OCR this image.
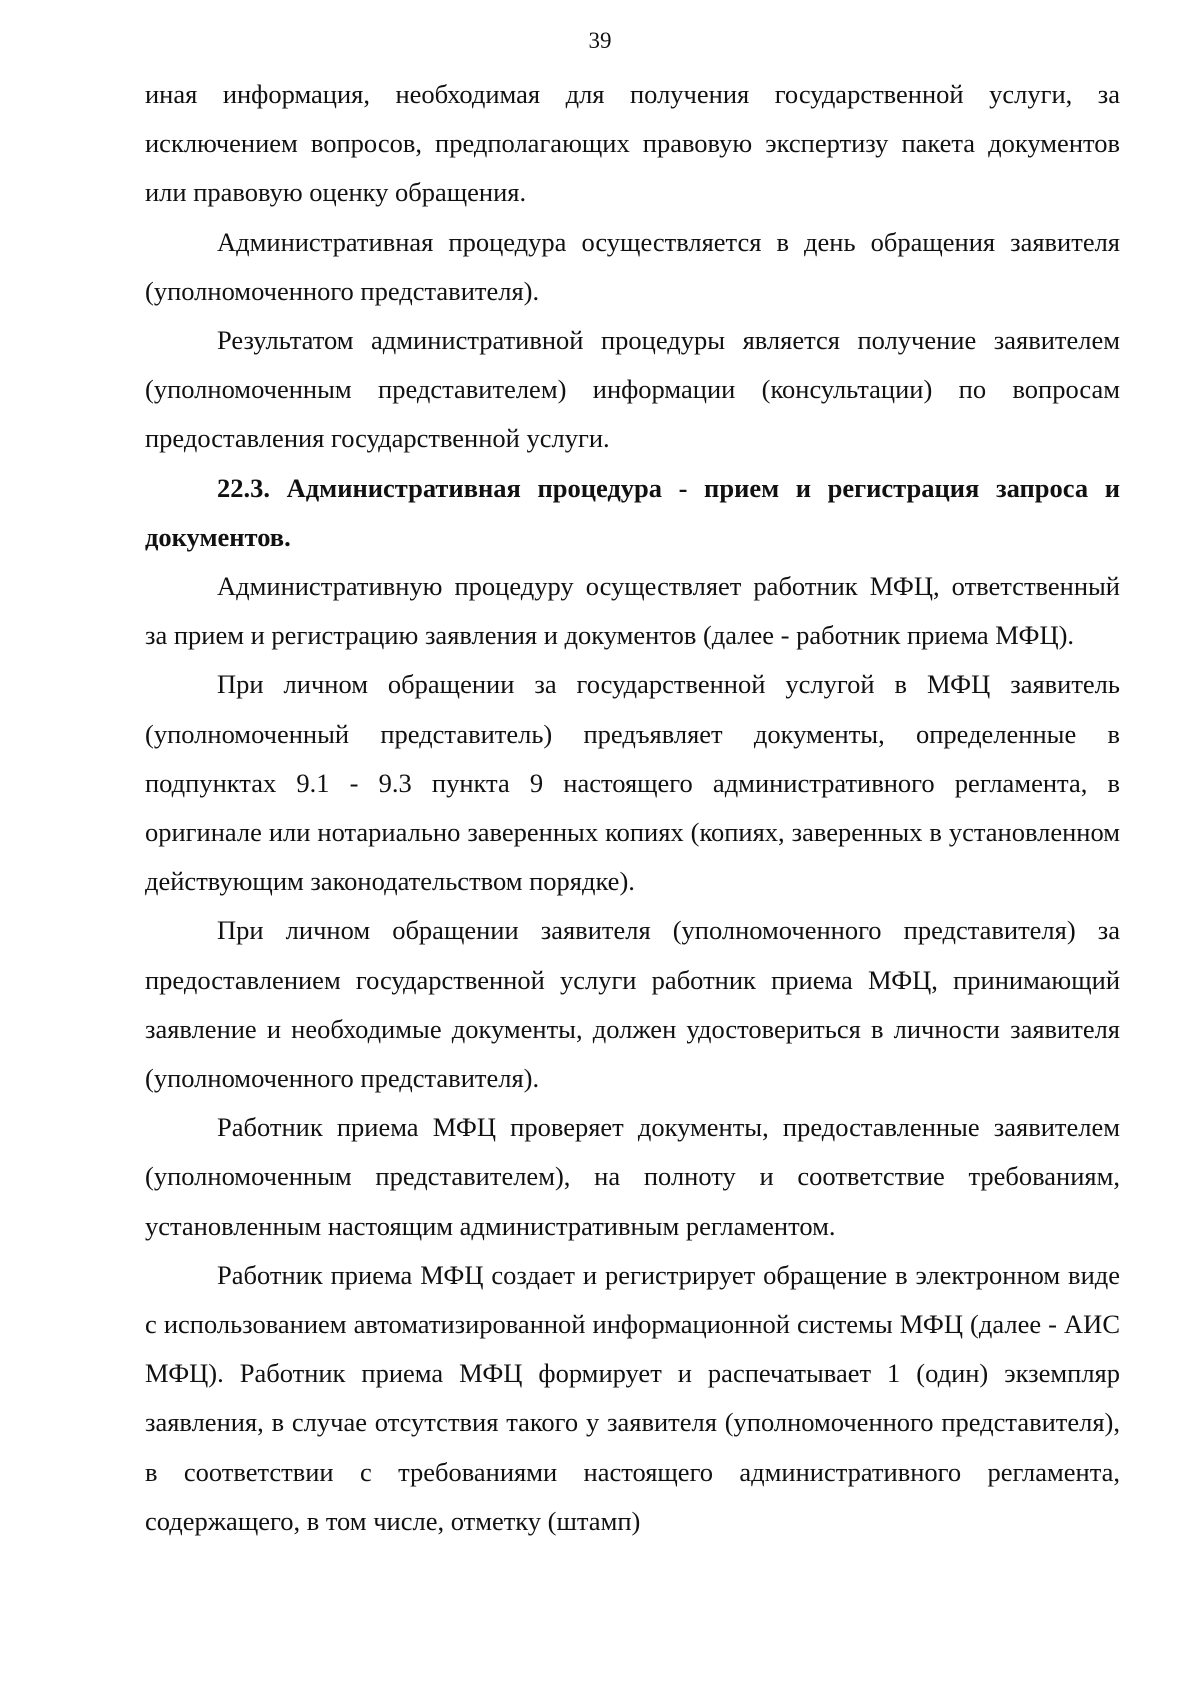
39

иная информация, необходимая для получения государственной услуги, за исключением вопросов, предполагающих правовую экспертизу пакета документов или правовую оценку обращения.

Административная процедура осуществляется в день обращения заявителя (уполномоченного представителя).

Результатом административной процедуры является получение заявителем (уполномоченным представителем) информации (консультации) по вопросам предоставления государственной услуги.

22.3. Административная процедура - прием и регистрация запроса и документов.

Административную процедуру осуществляет работник МФЦ, ответственный за прием и регистрацию заявления и документов (далее - работник приема МФЦ).

При личном обращении за государственной услугой в МФЦ заявитель (уполномоченный представитель) предъявляет документы, определенные в подпунктах 9.1 - 9.3 пункта 9 настоящего административного регламента, в оригинале или нотариально заверенных копиях (копиях, заверенных в установленном действующим законодательством порядке).

При личном обращении заявителя (уполномоченного представителя) за предоставлением государственной услуги работник приема МФЦ, принимающий заявление и необходимые документы, должен удостовериться в личности заявителя (уполномоченного представителя).

Работник приема МФЦ проверяет документы, предоставленные заявителем (уполномоченным представителем), на полноту и соответствие требованиям, установленным настоящим административным регламентом.

Работник приема МФЦ создает и регистрирует обращение в электронном виде с использованием автоматизированной информационной системы МФЦ (далее - АИС МФЦ). Работник приема МФЦ формирует и распечатывает 1 (один) экземпляр заявления, в случае отсутствия такого у заявителя (уполномоченного представителя), в соответствии с требованиями настоящего административного регламента, содержащего, в том числе, отметку (штамп)
